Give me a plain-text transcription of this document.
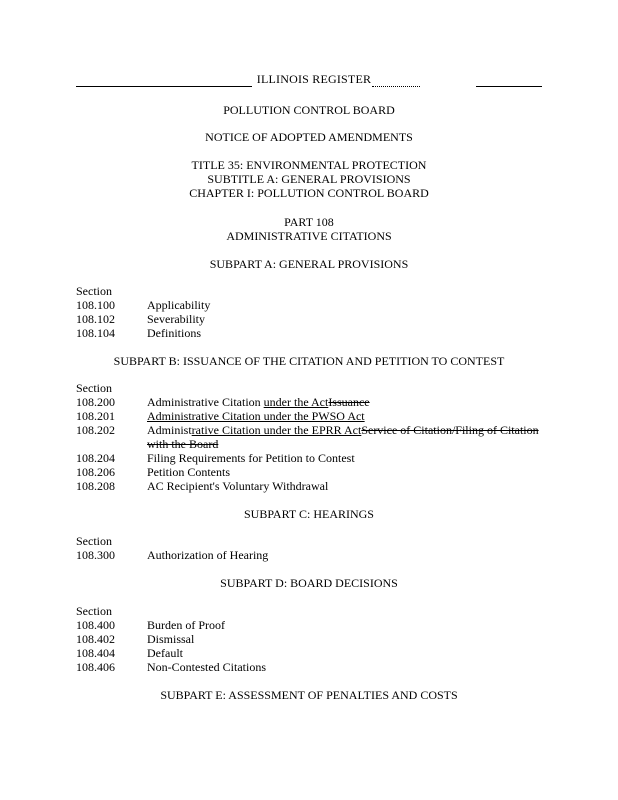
ILLINOIS REGISTER
POLLUTION CONTROL BOARD
NOTICE OF ADOPTED AMENDMENTS
TITLE 35: ENVIRONMENTAL PROTECTION
SUBTITLE A: GENERAL PROVISIONS
CHAPTER I: POLLUTION CONTROL BOARD
PART 108
ADMINISTRATIVE CITATIONS
SUBPART A: GENERAL PROVISIONS
Section
108.100	Applicability
108.102	Severability
108.104	Definitions
SUBPART B: ISSUANCE OF THE CITATION AND PETITION TO CONTEST
Section
108.200	Administrative Citation under the ActIssuance
108.201	Administrative Citation under the PWSO Act
108.202	Administrative Citation under the EPRR ActService of Citation/Filing of Citation with the Board
108.204	Filing Requirements for Petition to Contest
108.206	Petition Contents
108.208	AC Recipient's Voluntary Withdrawal
SUBPART C: HEARINGS
Section
108.300	Authorization of Hearing
SUBPART D: BOARD DECISIONS
Section
108.400	Burden of Proof
108.402	Dismissal
108.404	Default
108.406	Non-Contested Citations
SUBPART E: ASSESSMENT OF PENALTIES AND COSTS
